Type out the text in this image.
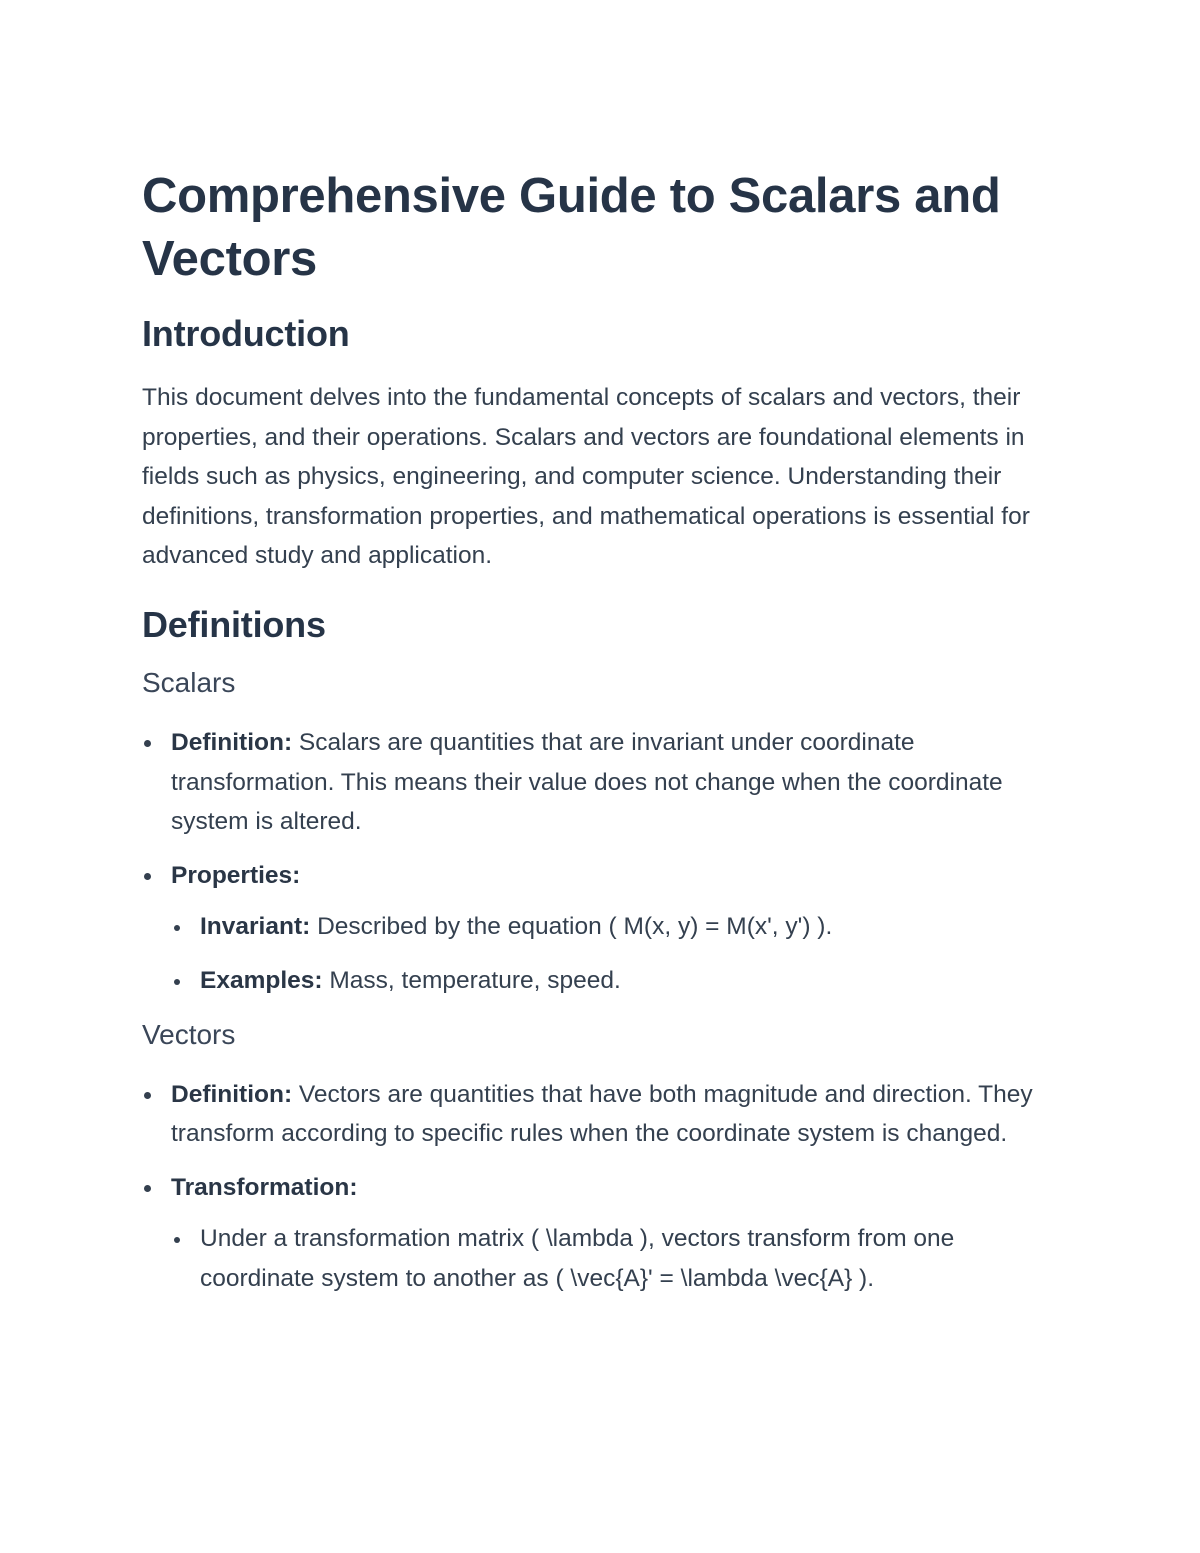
Comprehensive Guide to Scalars and Vectors
Introduction

This document delves into the fundamental concepts of scalars and vectors, their properties, and their operations. Scalars and vectors are foundational elements in fields such as physics, engineering, and computer science. Understanding their definitions, transformation properties, and mathematical operations is essential for advanced study and application.

Definitions
Scalars
Definition: Scalars are quantities that are invariant under coordinate transformation. This means their value does not change when the coordinate system is altered.
Properties:
Invariant: Described by the equation ( M(x, y) = M(x', y') ).
Examples: Mass, temperature, speed.
Vectors
Definition: Vectors are quantities that have both magnitude and direction. They transform according to specific rules when the coordinate system is changed.
Transformation:
Under a transformation matrix ( \lambda ), vectors transform from one coordinate system to another as ( \vec{A}' = \lambda \vec{A} ).
